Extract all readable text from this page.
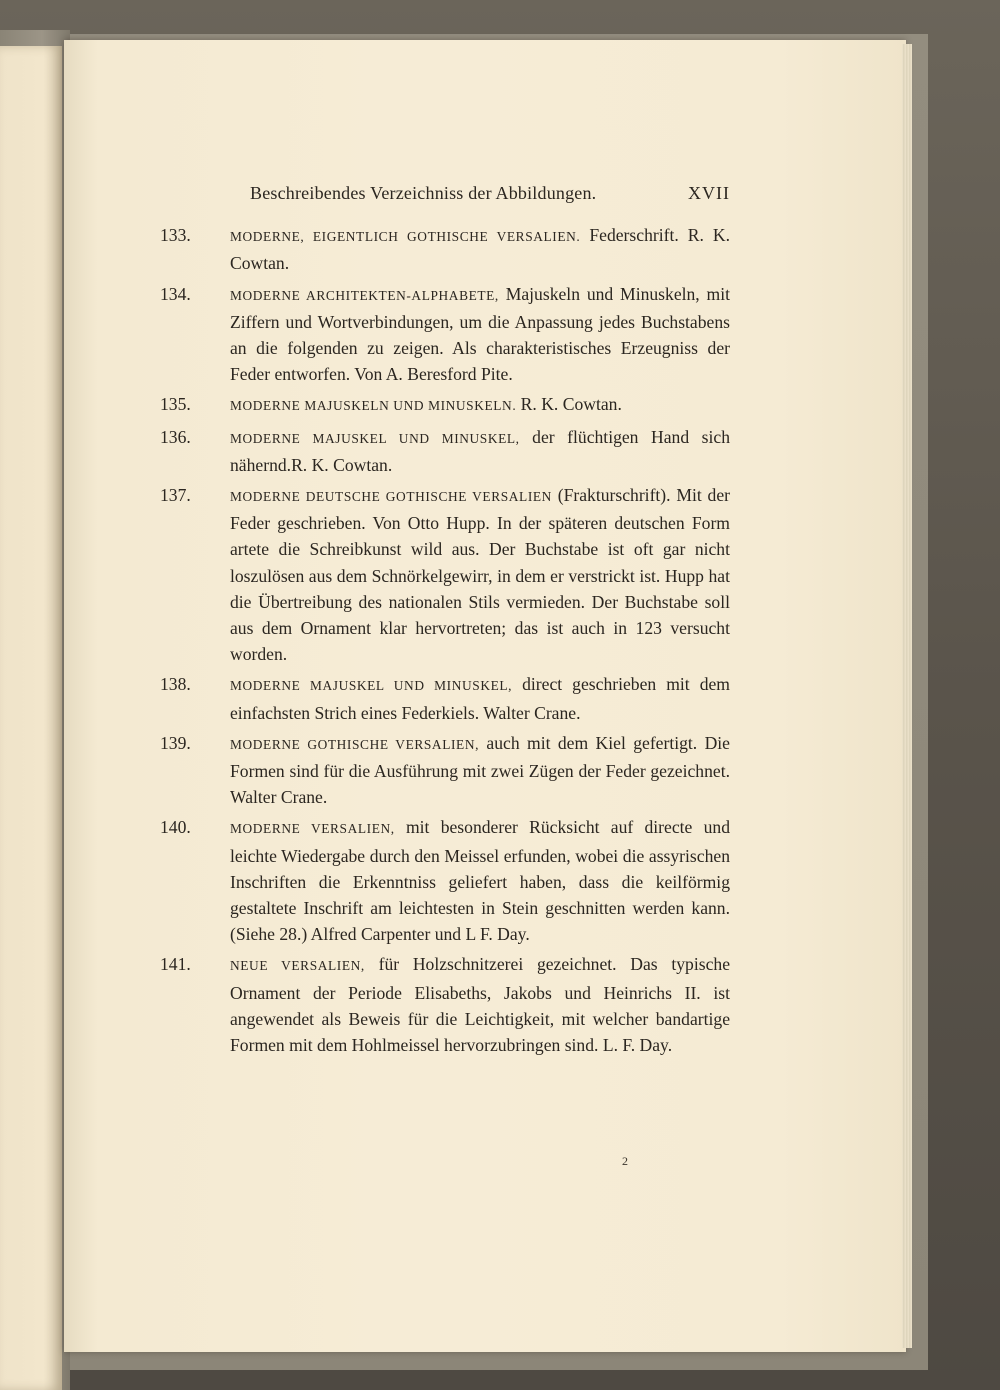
Beschreibendes Verzeichniss der Abbildungen.	XVII
133.	MODERNE, EIGENTLICH GOTHISCHE VERSALIEN. Federschrift. R. K. Cowtan.
134.	MODERNE ARCHITEKTEN-ALPHABETE, Majuskeln und Minuskeln, mit Ziffern und Wortverbindungen, um die Anpassung jedes Buchstabens an die folgenden zu zeigen. Als charakteristisches Erzeugniss der Feder entworfen. Von A. Beresford Pite.
135.	MODERNE MAJUSKELN UND MINUSKELN. R. K. Cowtan.
136.	MODERNE MAJUSKEL UND MINUSKEL, der flüchtigen Hand sich nähernd.R. K. Cowtan.
137.	MODERNE DEUTSCHE GOTHISCHE VERSALIEN (Frakturschrift). Mit der Feder geschrieben. Von Otto Hupp. In der späteren deutschen Form artete die Schreibkunst wild aus. Der Buchstabe ist oft gar nicht loszulösen aus dem Schnörkelgewirr, in dem er verstrickt ist. Hupp hat die Übertreibung des nationalen Stils vermieden. Der Buchstabe soll aus dem Ornament klar hervortreten; das ist auch in 123 versucht worden.
138.	MODERNE MAJUSKEL UND MINUSKEL, direct geschrieben mit dem einfachsten Strich eines Federkiels. Walter Crane.
139.	MODERNE GOTHISCHE VERSALIEN, auch mit dem Kiel gefertigt. Die Formen sind für die Ausführung mit zwei Zügen der Feder gezeichnet. Walter Crane.
140.	MODERNE VERSALIEN, mit besonderer Rücksicht auf directe und leichte Wiedergabe durch den Meissel erfunden, wobei die assyrischen Inschriften die Erkenntniss geliefert haben, dass die keilförmig gestaltete Inschrift am leichtesten in Stein geschnitten werden kann. (Siehe 28.) Alfred Carpenter und L F. Day.
141.	NEUE VERSALIEN, für Holzschnitzerei gezeichnet. Das typische Ornament der Periode Elisabeths, Jakobs und Heinrichs II. ist angewendet als Beweis für die Leichtigkeit, mit welcher bandartige Formen mit dem Hohlmeissel hervorzubringen sind. L. F. Day.
2
